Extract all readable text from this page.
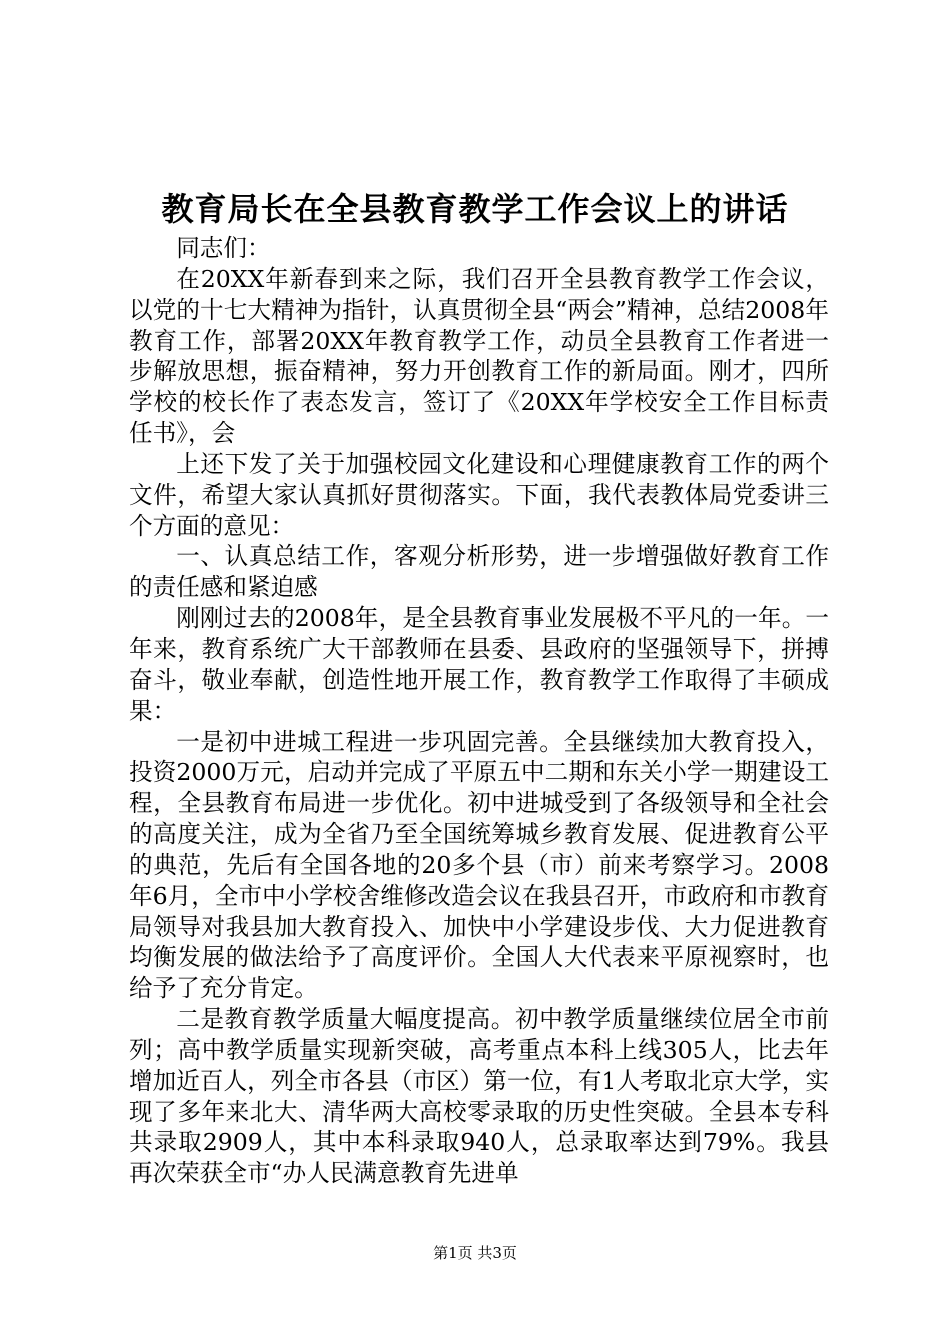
教育局长在全县教育教学工作会议上的讲话

同志们：

在20XX年新春到来之际，我们召开全县教育教学工作会议，以党的十七大精神为指针，认真贯彻全县“两会”精神，总结2008年教育工作，部署20XX年教育教学工作，动员全县教育工作者进一步解放思想，振奋精神，努力开创教育工作的新局面。刚才，四所学校的校长作了表态发言，签订了《20XX年学校安全工作目标责任书》，会

上还下发了关于加强校园文化建设和心理健康教育工作的两个文件，希望大家认真抓好贯彻落实。下面，我代表教体局党委讲三个方面的意见：

一、认真总结工作，客观分析形势，进一步增强做好教育工作的责任感和紧迫感

刚刚过去的2008年，是全县教育事业发展极不平凡的一年。一年来，教育系统广大干部教师在县委、县政府的坚强领导下，拼搏奋斗，敬业奉献，创造性地开展工作，教育教学工作取得了丰硕成果：

一是初中进城工程进一步巩固完善。全县继续加大教育投入，投资2000万元，启动并完成了平原五中二期和东关小学一期建设工程，全县教育布局进一步优化。初中进城受到了各级领导和全社会的高度关注，成为全省乃至全国统筹城乡教育发展、促进教育公平的典范，先后有全国各地的20多个县（市）前来考察学习。2008年6月，全市中小学校舍维修改造会议在我县召开，市政府和市教育局领导对我县加大教育投入、加快中小学建设步伐、大力促进教育均衡发展的做法给予了高度评价。全国人大代表来平原视察时，也给予了充分肯定。

二是教育教学质量大幅度提高。初中教学质量继续位居全市前列；高中教学质量实现新突破，高考重点本科上线305人，比去年增加近百人，列全市各县（市区）第一位，有1人考取北京大学，实现了多年来北大、清华两大高校零录取的历史性突破。全县本专科共录取2909人，其中本科录取940人，总录取率达到79%。我县再次荣获全市“办人民满意教育先进单

第1页 共3页
